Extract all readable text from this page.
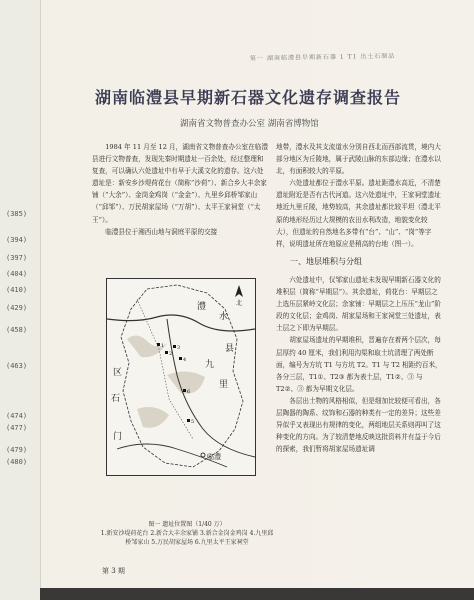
(385)
(394)
(397)
(404)
(410)
(429)
(458)
(463)
(474)
(477)
(479)
(480)
第一 湖南临澧县早期新石器 1 T1 出土石制品
湖南临澧县早期新石器文化遗存调查报告
湖南省文物普查办公室 湖南省博物馆

1984 年 11 月至 12 月，湖南省文物普查办公室在临澧县进行文物普查，发现先秦时期遗址一百余处，经过整理和复查，可以确认六处遗址中有早于大溪文化的遗存。这六处遗址是：新安乡沙堤荷花台（简称“沙荷”）、新合乡大丰余家铺（“大余”）、金岗金鸡岗（“金金”）、九里乡邱桥邹家山（“邱邹”）、万民胡家屋场（“万胡”）、太平王家祠堂（“太王”）。

临澧县位于湘西山地与洞庭平原的交接

北
澧
水
九
里
区
县
石
门
临澧
1
2
3
4
5
6
图一 遗址位置图（1/40 万）
1.新安沙堤荷花台 2.新合大丰余家铺 3.新合金岗金鸡岗 4.九里邱桥邹家山 5.万民胡家屋场 6.九里太平王家祠堂

地带，澧水及其支流道水分别自西北而西部流贯，境内大部分地区为丘陵地，属于武陵山脉的东部边缘；在澧水以北，有面积较大的平原。

六处遗址都位于澧水平原。遗址距澧水高近，不清楚遗址附近是否有古代河道。这六处遗址中，王家祠堂遗址地近九里丘陵，地势较高，其余遗址都比较平坦（澧北平原的地形经历过大规模的农田水利改造，地貌变化较大），但遗址的自然地名多带有“台”、“山”、“岗”等字样，说明遗址所在地原应是稍高的台地（图一）。

一、地层堆积与分组

六处遗址中，仅邹家山遗址未发现早期新石器文化的堆积层（简称“早期层”）。其余遗址，荷花台：早期层之上选压层紧岭文化层；余家铺：早期层之上压压“龙山”阶段的文化层；金鸡岗、胡家屋场和王家祠堂三处遗址，表土层之下即为早期层。

胡家屋场遗址的早期堆积，晋遍存在着两个层次，每层厚约 40 厘米，我们利用沟渠和取土坑清理了两处断面，编号为方坑 T1 与方坑 T2。T1 与 T2 相距约百米，各分三层，T1①、T2③ 都为表土层，T1②、③ 与 T2②、③ 都为早期文化层。

各层出土物的风格相似，但是细加比较便可看出，各层陶器的陶系、纹饰和石器的种类有一定的差异；这些差异似乎又表现出有规律的变化，两组地层关系则再叫了这种变化的方向。为了较清楚地反映这批资料并有益于今后的探索，我们暂将胡家屋场遗址调

第 3 期
